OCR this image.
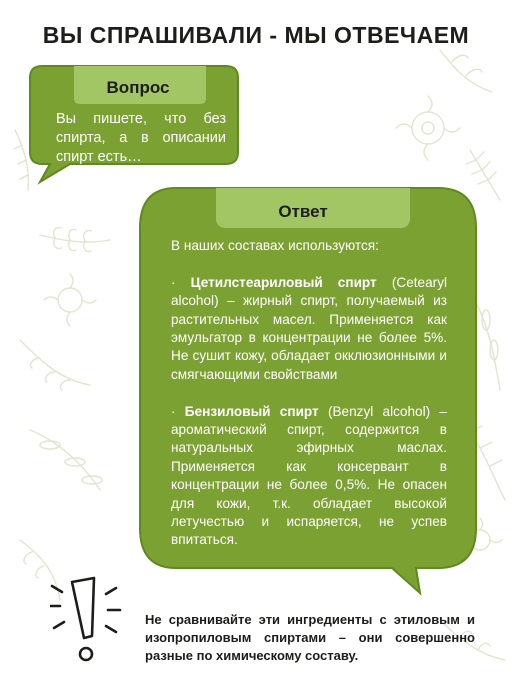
ВЫ СПРАШИВАЛИ - МЫ ОТВЕЧАЕМ
Вопрос
Вы пишете, что без спирта, а в описании спирт есть…
Ответ

В наших составах используются:

· Цетилстеариловый спирт (Cetearyl alcohol) – жирный спирт, получаемый из растительных масел. Применяется как эмульгатор в концентрации не более 5%. Не сушит кожу, обладает окклюзионными и смягчающими свойствами

· Бензиловый спирт (Benzyl alcohol) – ароматический спирт, содержится в натуральных эфирных маслах. Применяется как консервант в концентрации не более 0,5%. Не опасен для кожи, т.к. обладает высокой летучестью и испаряется, не успев впитаться.

Не сравнивайте эти ингредиенты с этиловым и изопропиловым спиртами – они совершенно разные по химическому составу.
